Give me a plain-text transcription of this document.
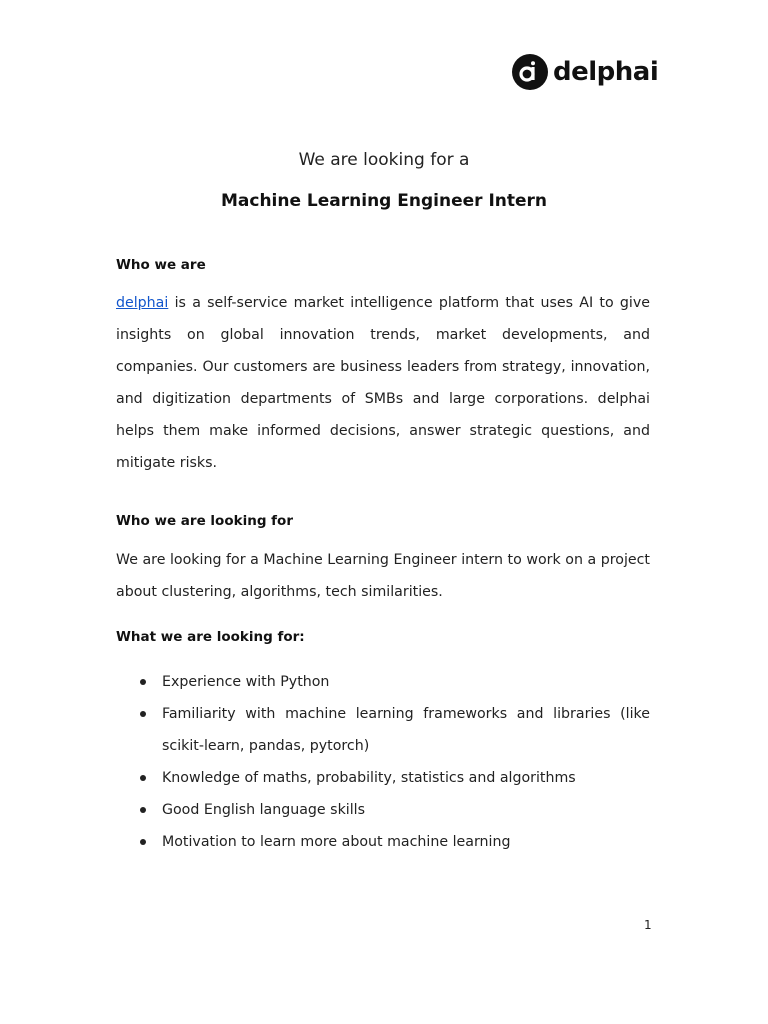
delphai
We are looking for a
Machine Learning Engineer Intern
Who we are

delphai is a self-service market intelligence platform that uses AI to give insights on global innovation trends, market developments, and companies. Our customers are business leaders from strategy, innovation, and digitization departments of SMBs and large corporations. delphai helps them make informed decisions, answer strategic questions, and mitigate risks.

Who we are looking for

We are looking for a Machine Learning Engineer intern to work on a project about clustering, algorithms, tech similarities.

What we are looking for:
Experience with Python
Familiarity with machine learning frameworks and libraries (like scikit-learn, pandas, pytorch)
Knowledge of maths, probability, statistics and algorithms
Good English language skills
Motivation to learn more about machine learning
1
